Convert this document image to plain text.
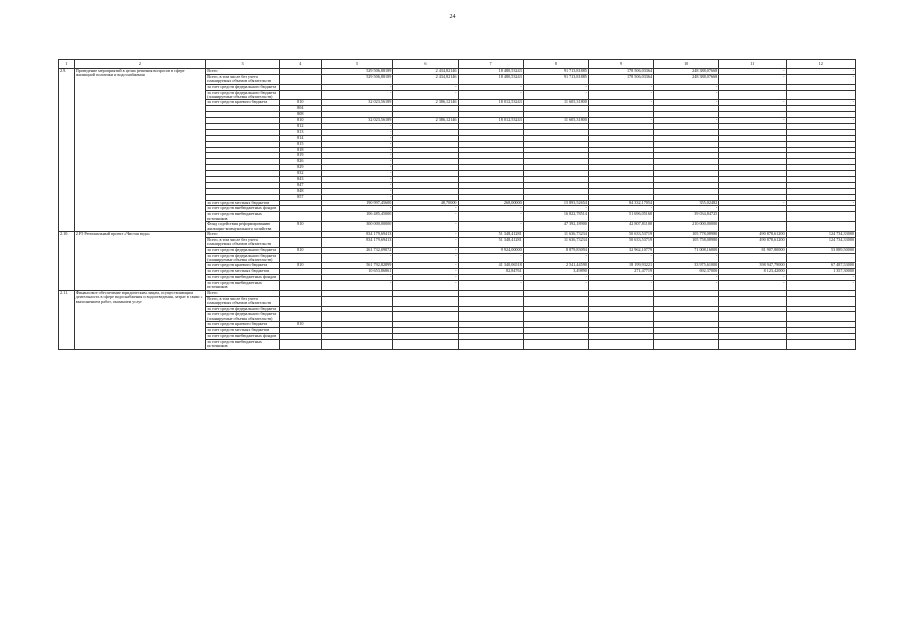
24
1	2	3	4	5	6	7	8	9	10	11	12
2.9.	Проведение мероприятий в целях решения вопросов в сфере жилищной политики и водоснабжения	Всего		529 506,88189	2 434,82146	18 480,53243	91 713,81885	178 506,03364	248 388,07668	-	-
		Всего, в том числе без учета планируемых объемов обязательств		529 506,88189	2 434,82146	18 480,53243	91 713,81885	178 506,03364	248 388,07668	-	-
		за счет средств федерального бюджета		-	-	-	-	-	-		
		за счет средств федерального бюджета (планируемые объемы обязательств)		-	-	-	-	-	-		
		за счет средств краевого бюджета	810	32 023,56189	2 386,12146	18 012,53243	11 605,31800	-	-	-	-
			804								
			808								
			810	32 023,56189	2 386,12146	18 012,53243	11 605,31800	-	-	-	-
			812	-							
			813	-							
			814	-							
			815	-							
			818	-							
			819	-							
			826	-							
			829	-							
			832	-							
			843	-							
			847	-							
			848	-							
			857	-							
		за счет средств местных бюджетов		190 997,45600	48,70000	268,00000	15 893,52654	84 332,17054	355,02482	-	-
		за счет средств внебюджетных фондов		-	-	-	-	-	-		
		за счет средств внебюджетных источников		106 485,45000	-	-	16 822,78514	51 696,05160	39 034,84725		
		Фонд содействия реформированию жилищно-коммунального хозяйства	810	300 000,00000	-	-	47 392,18900	42 807,81100	210 000,00000		
2.10.	2.F5 Региональный проект «Чистая вода»	Всего		834 179,69413	-	51 348,41281	11 636,73234	50 633,53719	105 778,08980	490 878,61200	124 734,33000
		Всего, в том числе без учета планируемых объемов обязательств		834 179,69413	-	51 348,41281	11 636,73234	50 633,53719	105 758,08980	490 878,61200	124 734,33000
		за счет средств федерального бюджета	810	261 732,09872	-	9 924,00000	8 879,83094	32 962,10779	71 008,16000	81 907,80000	53 889,50000
		за счет средств федерального бюджета (планируемые объемы обязательств)		-	-	-	-	-	-		
		за счет средств краевого бюджета	810	561 792,82899	-	41 340,06518	2 541,44590	18 199,93221	33 975,61000	398 947,79000	67 487,53000
		за счет средств местных бюджетов		10 653,86861	-	82,84761	3,49890	271,47719	692,37000	8 123,42000	1 357,30000
		за счет средств внебюджетных фондов		-	-	-	-	-	-	-	-
		за счет средств внебюджетных источников		-	-	-	-	-	-	-	-
2.11.	Финансовое обеспечение юридическим лицам, осуществляющим деятельность в сфере водоснабжения и водоотведения, затрат в связи с выполнением работ, оказанием услуг	Всего									
		Всего, в том числе без учета планируемых объемов обязательств									
		за счет средств федерального бюджета									
		за счет средств федерального бюджета (планируемые объемы обязательств)									
		за счет средств краевого бюджета	810								
		за счет средств местных бюджетов									
		за счет средств внебюджетных фондов									
		за счет средств внебюджетных источников									
